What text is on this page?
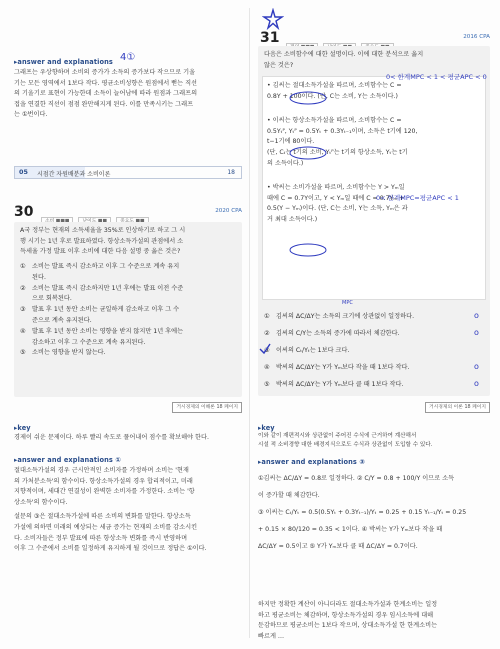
▸answer and explanations 4①
그래프는 우상향하며 소비의 증가가 소득의 증가보다 작으므로 기울
기는 모든 영역에서 1보다 작다. 평균소비성향은 원점에서 뻗는 직선
의 기울기로 표현이 가능한데 소득이 늘어남에 따라 원점과 그래프의
접을 연결한 직선이 점점 완만해지게 된다. 이를 만족시키는 그래프
는 ①번이다.
05 시점간 자원배분과 소비이론	18
30
	2020 CPA
A국 정부는 현재의 소득세율을 35%로 인상하기로 하고 그 시
행 시기는 1년 후로 발표하였다. 항상소득가설의 관점에서 소
득세율 가정 발표 이후 소비에 대한 다음 설명 중 옳은 것은?
① 소비는 발표 즉시 감소하고 이후 그 수준으로 계속 유지
된다.
② 소비는 발표 즉시 감소하지만 1년 후에는 발표 이전 수준
으로 회복된다.
③ 발표 후 1년 동안 소비는 균일하게 감소하고 이후 그 수
준으로 계속 유지된다.
④ 발표 후 1년 동안 소비는 영향을 받지 않지만 1년 후에는
감소하고 이후 그 수준으로 계속 유지된다.
⑤ 소비는 영향을 받지 않는다.
거시경제의 이해론 18 페이지
▸key
경제이 쉬운 문제이다. 하루 빨리 속도로 풀어내어 점수를 확보해야 한다.
▸answer and explanations ①
절대소득가설의 경우 근시안적인 소비자를 가정하며 소비는 '현재
의 가처분소득'의 함수이다. 항상소득가설의 경우 합리적이고, 미래
지향적이며, 세대간 연결성이 완벽한 소비자를 가정한다. 소비는 '항
상소득'의 함수이다.
설문의 ③은 절대소득가설에 따른 소비의 변화를 말한다. 항상소득
가설에 의하면 미래의 예상되는 세금 증가는 현재의 소비를 감소시킨
다. 소비자들은 정부 발표에 따른 항상소득 변화를 즉시 반영하며
이후 그 수준에서 소비를 일정하게 유지하게 될 것이므로 정답은 ①이다.
31
	2016 CPA
다음은 소비함수에 대한 설명이다. 이에 대한 분석으로 옳지
않은 것은?
• 김씨는 절대소득가설을 따르며, 소비함수는 C =
0.8Y + 100이다. (단, C는 소비, Y는 소득이다.)
• 이씨는 항상소득가설을 따르며, 소비함수는 C =
0.5Yₜᴾ, Yₜᴾ = 0.5Yₜ + 0.3Yₜ₋₁이며, 소득은 t기에 120,
t−1기에 80이다.
(단, Cₜ는 t기의 소비, Yₜᴾ는 t기의 항상소득, Yₜ는 t기
의 소득이다.)
• 박씨는 소비가설을 따르며, 소비함수는 Y > Yₘ일
때에 C = 0.7Y이고, Y < Yₘ일 때에 C = 0.7Yₘ +
0.5(Y − Yₘ)이다. (단, C는 소비, Y는 소득, Yₘ은 과
거 최대 소득이다.)
0< 한계MPC < 1 < 평균APC < 0
0< 한계MPC=평균APC < 1
① 김씨의 ΔC/ΔY는 소득의 크기에 상관없이 일정하다.
② 김씨의 C/Y는 소득의 증가에 따라서 체감한다.
③ 이씨의 Cₜ/Yₜ는 1보다 크다.
④ 박씨의 ΔC/ΔY는 Y가 Yₘ보다 작을 때 1보다 작다.
⑤ 박씨의 ΔC/ΔY는 Y가 Yₘ보다 클 때 1보다 작다.
MPC
o
o
o
o
거시경제의 이론 18 페이지
▸key
이와 같이 재편적시와 상관없이 주어진 수식에 근거하여 계산해서
시설 적 소비경향 대한 배경지식으로도 수식과 상관없이 도입할 수 있다.
▸answer and explanations ③
①김씨는 ΔC/ΔY = 0.8로 일정하다. ② C/Y = 0.8 + 100/Y 이므로 소득
이 증가할 때 체감한다.
③ 이씨는 Cₜ/Yₜ = 0.5(0.5Yₜ + 0.3Yₜ₋₁)/Yₜ = 0.25 + 0.15 Yₜ₋₁/Yₜ = 0.25
+ 0.15 × 80/120 = 0.35 < 1이다. ④ 박씨는 Y가 Yₘ보다 작을 때
ΔC/ΔY = 0.5이고 ⑤ Y가 Yₘ보다 클 때 ΔC/ΔY = 0.7이다.
하지만 정확한 계산이 아니더라도 절대소득가설과 한계소비는 일정
하고 평균소비는 체감하며, 항상소득가설의 경우 임시소득에 대해
둔감하므로 평균소비는 1보다 작으며, 상대소득가설 한 한계소비는
빠르게 …
